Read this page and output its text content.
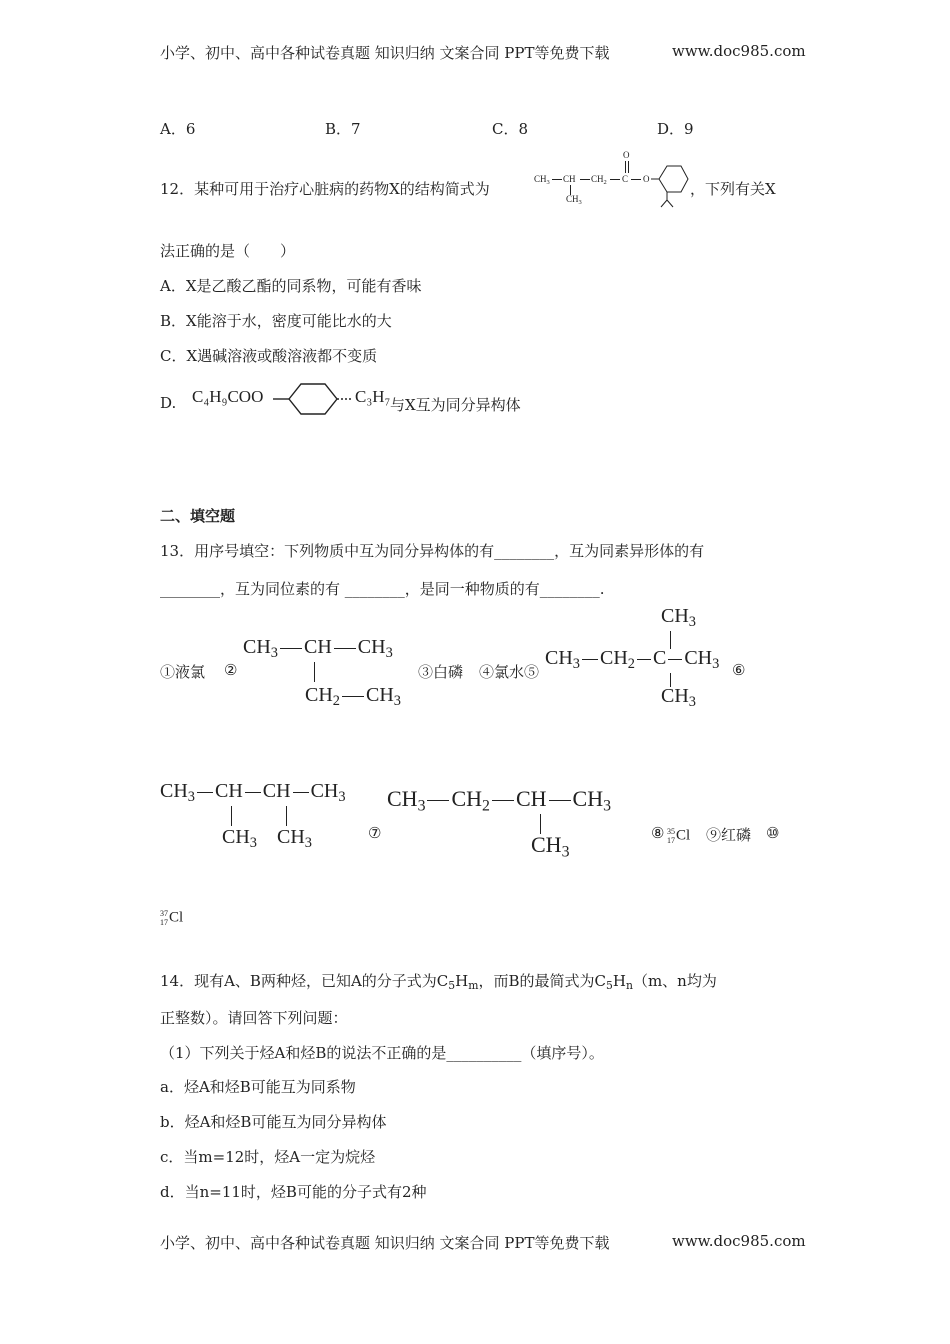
小学、初中、高中各种试卷真题 知识归纳 文案合同 PPT等免费下载	www.doc985.com
A．6	B．7	C．8	D．9
12．某种可用于治疗心脏病的药物X的结构简式为
$CH_3$ CH $CH_2$
O
C O
$CH_3$
，下列有关X
法正确的是（　　）
A．X是乙酸乙酯的同系物，可能有香味
B．X能溶于水，密度可能比水的大
C．X遇碱溶液或酸溶液都不变质
D. C₄H₉COO	C₃H₇ 与X互为同分异构体
二、填空题
13．用序号填空：下列物质中互为同分异构体的有________，互为同素异形体的有
________，互为同位素的有 ________，是同一种物质的有________.
①液氯 ②
$CH_3$ CH $CH_3$
$CH_2$ $CH_3$
③白磷 ④氯水⑤
$CH_3$
$CH_3$ $CH_2$ C $CH_3$
$CH_3$
⑥
$CH_3$ CH CH $CH_3$
$CH_3$ $CH_3$
⑦
$CH_3$ $CH_2$ CH $CH_3$
$CH_3$
⑧ 35
17Cl ⑨红磷 ⑩
37
17Cl
14．现有A、B两种烃，已知A的分子式为$C_5H_m$，而B的最简式为$C_5H_n(m$、n均为
正整数）。请回答下列问题：
（1）下列关于烃A和烃B的说法不正确的是__________（填序号）。
a．烃A和烃B可能互为同系物
b．烃A和烃B可能互为同分异构体
c．当m=12时，烃A一定为烷烃
d．当n=11时，烃B可能的分子式有2种
小学、初中、高中各种试卷真题 知识归纳 文案合同 PPT等免费下载	www.doc985.com
